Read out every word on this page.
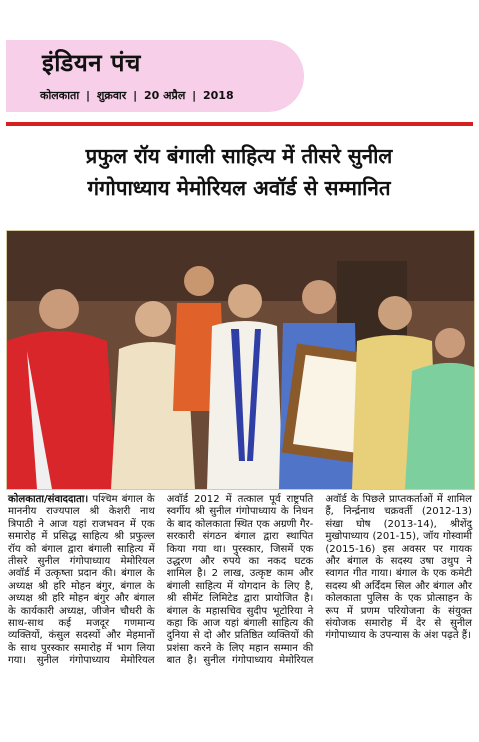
इंडियन पंच
कोलकाता | शुक्रवार | 20 अप्रैल | 2018
प्रफुल रॉय बंगाली साहित्य में तीसरे सुनील
गंगोपाध्याय मेमोरियल अवॉर्ड से सम्मानित

कोलकाता/संवाददाता। पश्चिम बंगाल के माननीय राज्यपाल श्री केशरी नाथ त्रिपाठी ने आज यहां राजभवन में एक समारोह में प्रसिद्ध साहित्य श्री प्रफुल्ल रॉय को बंगाल द्वारा बंगाली साहित्य में तीसरे सुनील गंगोपाध्याय मेमोरियल अवॉर्ड में उत्कृष्ता प्रदान की। बंगाल के अध्यक्ष श्री हरि मोहन बंगुर, बंगाल के अध्यक्ष श्री हरि मोहन बंगुर और बंगाल के कार्यकारी अध्यक्ष, जीजेन चौधरी के साथ-साथ कई मजदूर गणमान्य व्यक्तियों, कंसुल सदस्यों और मेहमानों के साथ पुरस्कार समारोह में भाग लिया गया। सुनील गंगोपाध्याय मेमोरियल अवॉर्ड 2012 में तत्काल पूर्व राष्ट्रपति स्वर्गीय श्री सुनील गंगोपाध्याय के निधन के बाद कोलकाता स्थित एक अग्रणी गैर-सरकारी संगठन बंगाल द्वारा स्थापित किया गया था। पुरस्कार, जिसमें एक उद्धरण और रुपये का नकद घटक शामिल है। 2 लाख, उत्कृष्ट काम और बंगाली साहित्य में योगदान के लिए है, श्री सीमेंट लिमिटेड द्वारा प्रायोजित है। बंगाल के महासचिव सुदीप भूटोरिया ने कहा कि आज यहां बंगाली साहित्य की दुनिया से दो और प्रतिष्ठित व्यक्तियों की प्रशंसा करने के लिए महान सम्मान की बात है। सुनील गंगोपाध्याय मेमोरियल अवॉर्ड के पिछले प्राप्तकर्ताओं में शामिल हैं, निर्न्द्रनाथ चक्रवर्ती (2012-13) संखा घोष (2013-14), श्रीशेंदु मुखोपाध्याय (201-15), जॉय गोस्वामी (2015-16) इस अवसर पर गायक और बंगाल के सदस्य उषा उथुप ने स्वागत गीत गाया। बंगाल के एक कमेटी सदस्य श्री अर्दिंदम सिल और बंगाल और कोलकाता पुलिस के एक प्रोत्साहन के रूप में प्रणम परियोजना के संयुक्त संयोजक समारोह में देर से सुनील गंगोपाध्याय के उपन्यास के अंश पढ़ते हैं।
